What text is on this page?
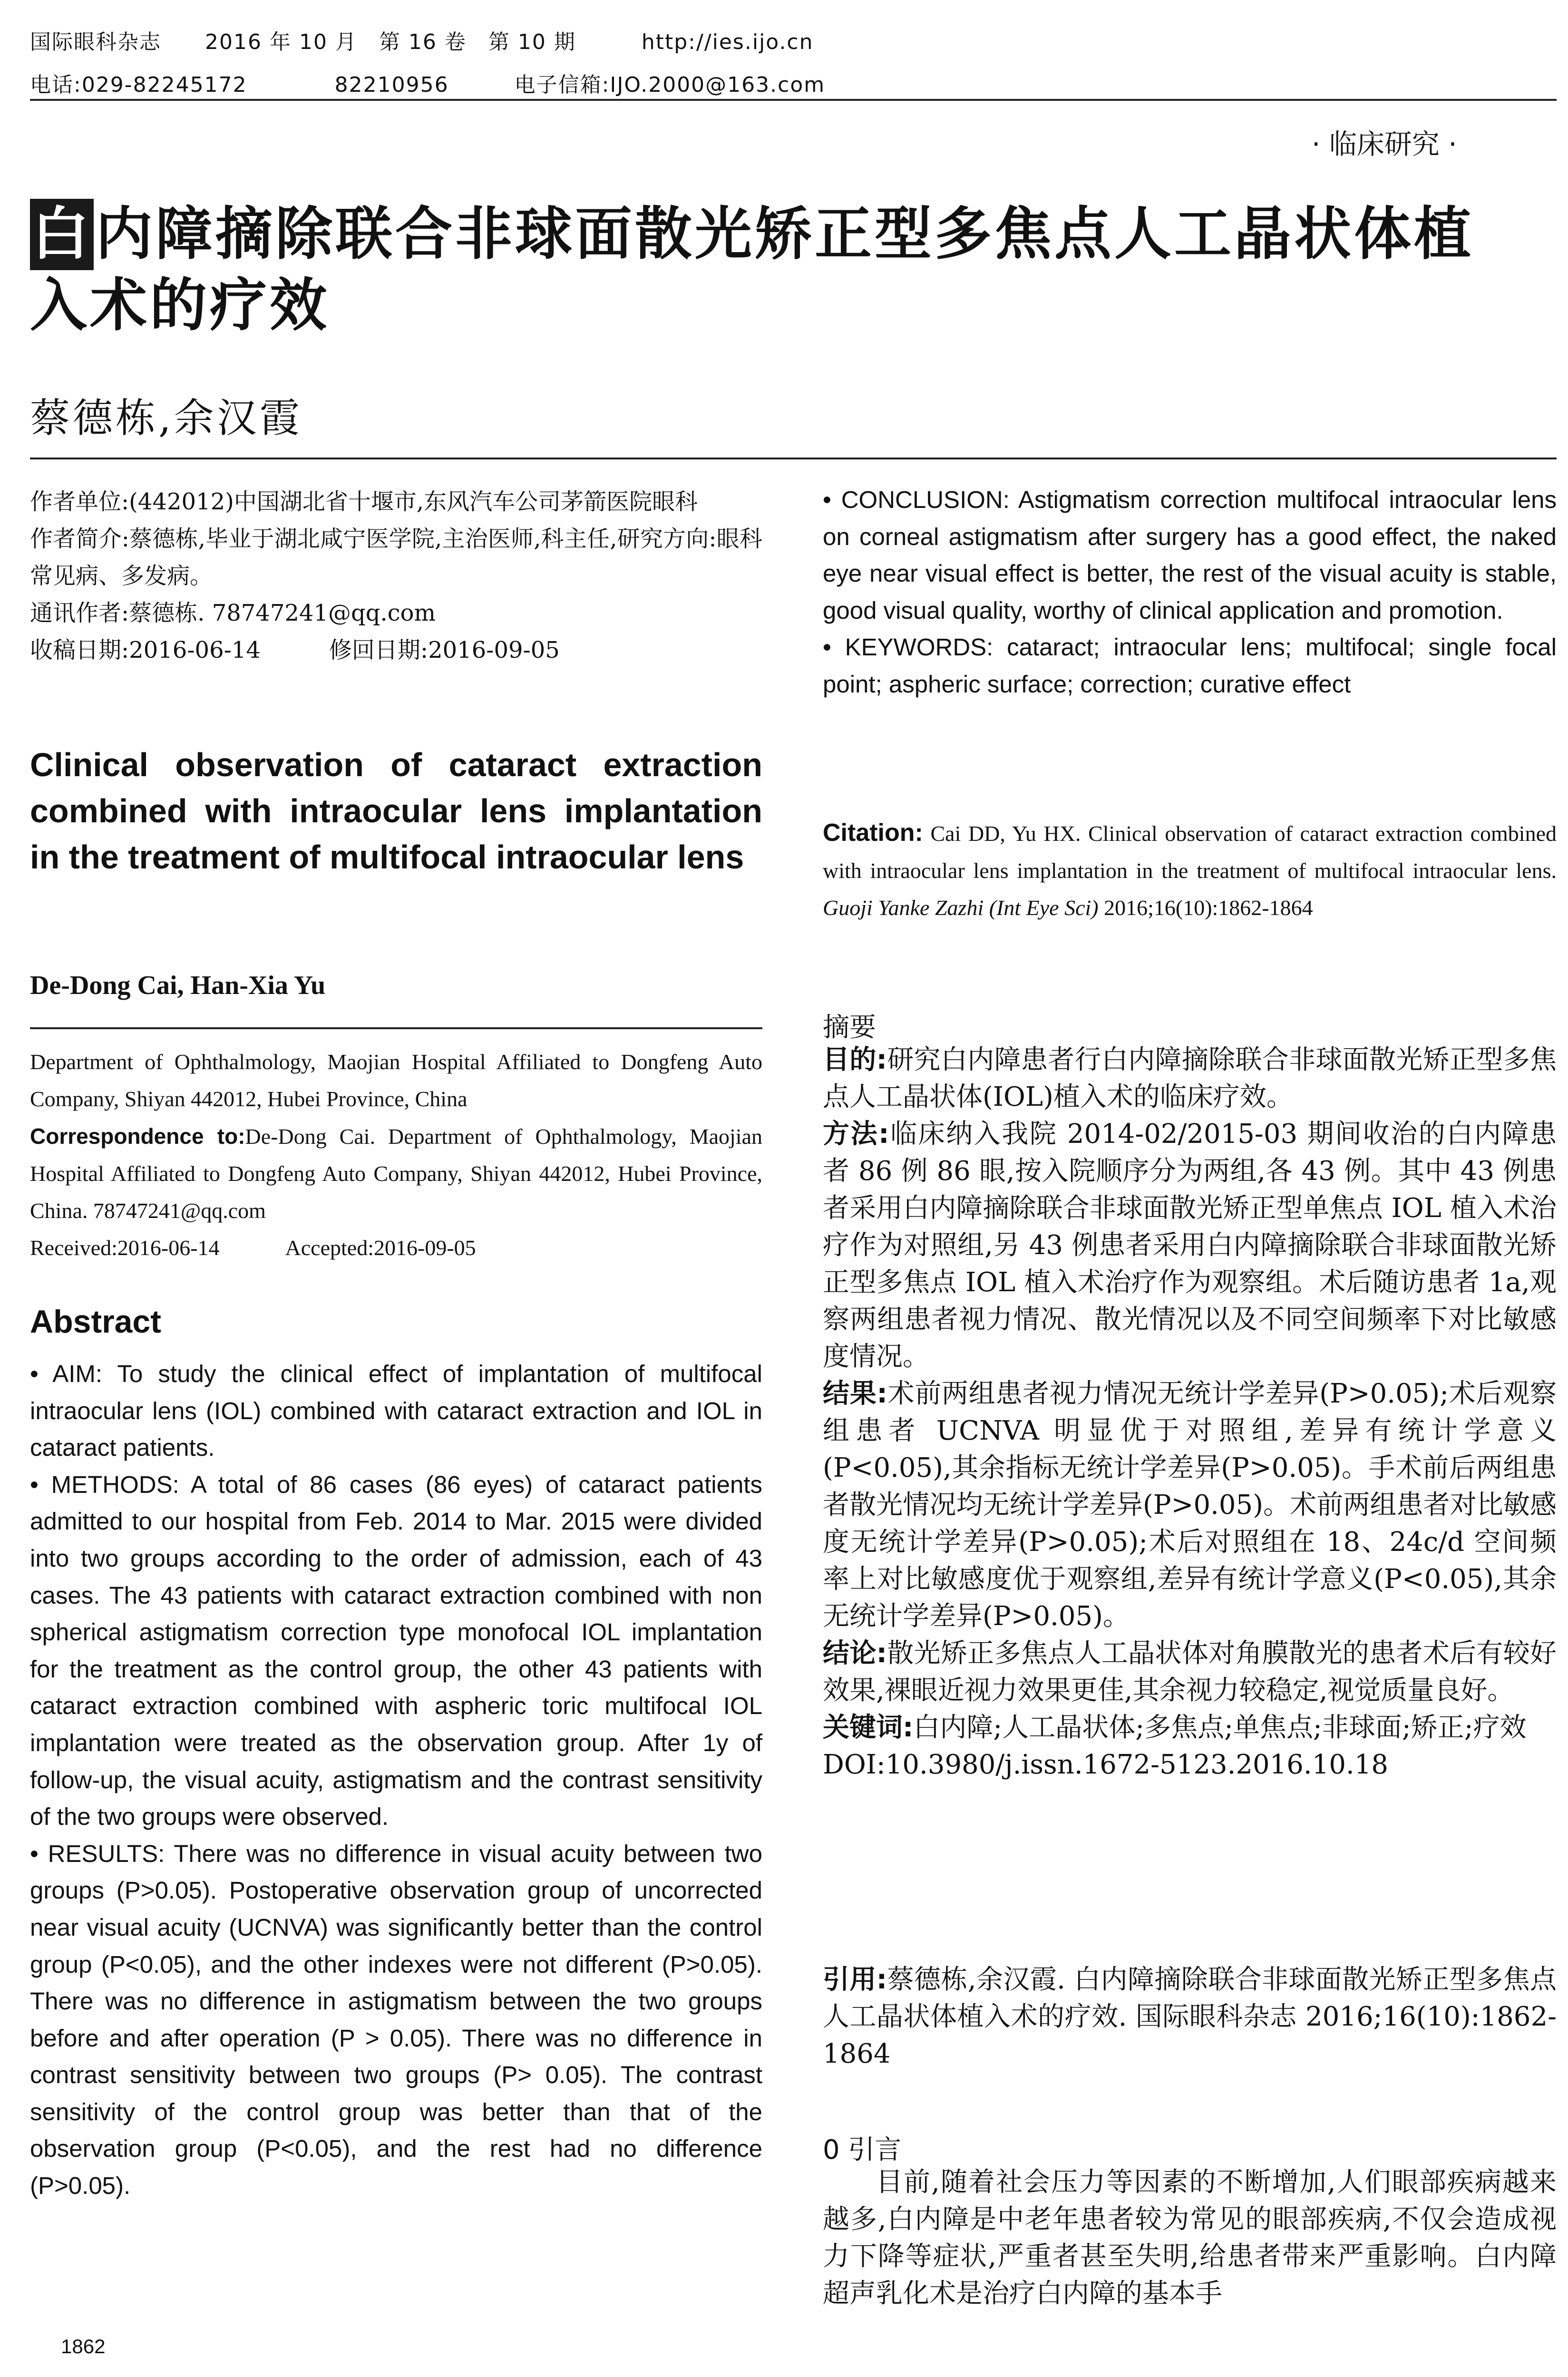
国际眼科杂志　　2016 年 10 月　第 16 卷　第 10 期　　　http://ies.ijo.cn
电话:029-82245172　　　　82210956　　　电子信箱:IJO.2000@163.com
· 临床研究 ·
白内障摘除联合非球面散光矫正型多焦点人工晶状体植
入术的疗效
蔡德栋,余汉霞

作者单位:(442012)中国湖北省十堰市,东风汽车公司茅箭医院眼科

作者简介:蔡德栋,毕业于湖北咸宁医学院,主治医师,科主任,研究方向:眼科常见病、多发病。

通讯作者:蔡德栋. 78747241@qq.com

收稿日期:2016-06-14　　　修回日期:2016-09-05

Clinical observation of cataract extraction combined with intraocular lens implantation in the treatment of multifocal intraocular lens
De-Dong Cai, Han-Xia Yu

Department of Ophthalmology, Maojian Hospital Affiliated to Dongfeng Auto Company, Shiyan 442012, Hubei Province, China

Correspondence to:De-Dong Cai. Department of Ophthalmology, Maojian Hospital Affiliated to Dongfeng Auto Company, Shiyan 442012, Hubei Province, China. 78747241@qq.com

Received:2016-06-14　　　Accepted:2016-09-05

Abstract

• AIM: To study the clinical effect of implantation of multifocal intraocular lens (IOL) combined with cataract extraction and IOL in cataract patients.

• METHODS: A total of 86 cases (86 eyes) of cataract patients admitted to our hospital from Feb. 2014 to Mar. 2015 were divided into two groups according to the order of admission, each of 43 cases. The 43 patients with cataract extraction combined with non spherical astigmatism correction type monofocal IOL implantation for the treatment as the control group, the other 43 patients with cataract extraction combined with aspheric toric multifocal IOL implantation were treated as the observation group. After 1y of follow-up, the visual acuity, astigmatism and the contrast sensitivity of the two groups were observed.

• RESULTS: There was no difference in visual acuity between two groups (P>0.05). Postoperative observation group of uncorrected near visual acuity (UCNVA) was significantly better than the control group (P<0.05), and the other indexes were not different (P>0.05). There was no difference in astigmatism between the two groups before and after operation (P > 0.05). There was no difference in contrast sensitivity between two groups (P> 0.05). The contrast sensitivity of the control group was better than that of the observation group (P<0.05), and the rest had no difference (P>0.05).

1862

• CONCLUSION: Astigmatism correction multifocal intraocular lens on corneal astigmatism after surgery has a good effect, the naked eye near visual effect is better, the rest of the visual acuity is stable, good visual quality, worthy of clinical application and promotion.

• KEYWORDS: cataract; intraocular lens; multifocal; single focal point; aspheric surface; correction; curative effect

Citation: Cai DD, Yu HX. Clinical observation of cataract extraction combined with intraocular lens implantation in the treatment of multifocal intraocular lens. Guoji Yanke Zazhi (Int Eye Sci) 2016;16(10):1862-1864
摘要

目的:研究白内障患者行白内障摘除联合非球面散光矫正型多焦点人工晶状体(IOL)植入术的临床疗效。

方法:临床纳入我院 2014-02/2015-03 期间收治的白内障患者 86 例 86 眼,按入院顺序分为两组,各 43 例。其中 43 例患者采用白内障摘除联合非球面散光矫正型单焦点 IOL 植入术治疗作为对照组,另 43 例患者采用白内障摘除联合非球面散光矫正型多焦点 IOL 植入术治疗作为观察组。术后随访患者 1a,观察两组患者视力情况、散光情况以及不同空间频率下对比敏感度情况。

结果:术前两组患者视力情况无统计学差异(P>0.05);术后观察组患者 UCNVA 明显优于对照组,差异有统计学意义(P<0.05),其余指标无统计学差异(P>0.05)。手术前后两组患者散光情况均无统计学差异(P>0.05)。术前两组患者对比敏感度无统计学差异(P>0.05);术后对照组在 18、24c/d 空间频率上对比敏感度优于观察组,差异有统计学意义(P<0.05),其余无统计学差异(P>0.05)。

结论:散光矫正多焦点人工晶状体对角膜散光的患者术后有较好效果,裸眼近视力效果更佳,其余视力较稳定,视觉质量良好。

关键词:白内障;人工晶状体;多焦点;单焦点;非球面;矫正;疗效

DOI:10.3980/j.issn.1672-5123.2016.10.18

引用:蔡德栋,余汉霞. 白内障摘除联合非球面散光矫正型多焦点人工晶状体植入术的疗效. 国际眼科杂志 2016;16(10):1862-1864
0 引言
目前,随着社会压力等因素的不断增加,人们眼部疾病越来越多,白内障是中老年患者较为常见的眼部疾病,不仅会造成视力下降等症状,严重者甚至失明,给患者带来严重影响。白内障超声乳化术是治疗白内障的基本手
